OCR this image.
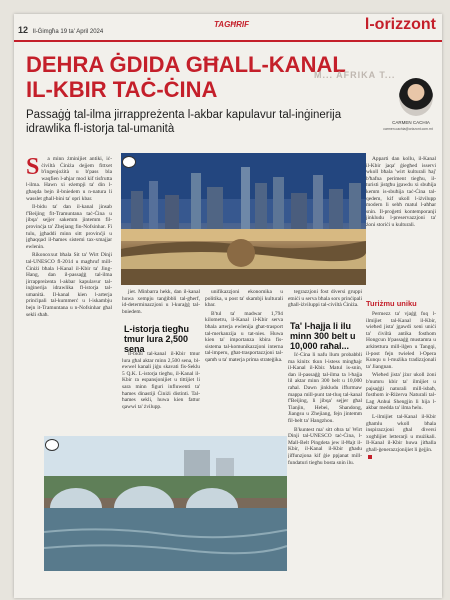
12 Il-Ġimgħa 19 ta' April 2024
TAGĦRIF	l-orizzont
DEHRA ĠDIDA GĦALL-KANAL IL-KBIR TAĊ-ĊINA
M... AFRIKA T...

Passaġġ tal-ilma jirrappreżenta l-akbar kapulavur tal-inġinerija idrawlika fl-istorja tal-umanità

CARMEN CACHIA
carmen.cachia@orizzont.com.mt
S	a minn żminijiet antiki, iċ-ċiviltà Ċiniża dejjem fittxet b'ingenjożità u b'pass bla waqfien l-aħjar mod kif tisfrutta l-ilma. Hawn xi eżempji ta' din l-għaqda bejn il-bniedem u n-natura li wasslet għall-bini ta' opri kbar.

Il-bidu ta' dan il-kanal jinsab f'Beijing fit-Tramuntana taċ-Ċina u jibqa' sejjer sakemm jintemm fil-provinċja ta' Zhejiang fin-Nofsinhar. Fi tulu, jgħaddi minn sitt provinċji u jgħaqqad il-ħames sistemi tax-xmajjar ewlenin.

Rikonoxxut bħala Sit ta' Wirt Dinji tal-UNESCO fl-2014 u magħruf mill-Ċiniżi bħala l-Kanal il-Kbir ta' Jing-Hang, dan il-passaġġ tal-ilma jirrappreżenta l-akbar kapulavur tal-inġinerija idrawlika fl-istorja tal-umanità. Il-kanal kien l-arterja prinċipali tal-kummerċ u l-iskambju bejn it-Tramuntana u n-Nofsinhar għal sekli sħaħ.

jiet. Minbarra hekk, dan il-kanal huwa xempju tanġibbli tal-għerf, id-determinazzjoni u l-kuraġġ tal-bniedem.

L-istorja tiegħu tmur lura 2,500 sena

Il-bidu tal-kanal il-Kbir tmur lura għal aktar minn 2,500 sena, bl-ewwel kanali jiġu skavati fis-Seklu 5 Q.K. L-istorja tiegħu, il-Kanal il-Kbir ra espansjonijiet u tittijiet li sara minn figuri influwenti ta' ħames dinastiji Ċiniżi distinti. Tal-ħames sekli, huwa kien fattur qawwi ta' żvilupp.

unifikazzjoni ekonomika u politika, u post ta' skambji kulturali kbar.

B'tul ta' madwar 1,794 kilometru, il-Kanal il-Kbir serva bħala arterja ewlenija għat-trasport tal-merkanzija u tat-nies. Huwa kien ta' importanza kbira fis-sistema tal-komunikazzjoni interna tal-imperu, għat-trasportazzjoni tal-qamħ u ta' materja prima strateġika.

tegrazzjoni fost diversi gruppi etniċi u serva bħala sors prinċipali għall-iżviluppi tal-civiltà Ċiniża.

Ta' l-hajja li ilu minn 300 belt u 10,000 raħal...

Iċ-Ċina li nafu llum probabbli ma kinitx tkun l-istess mingħajr il-Kanal il-Kbir. Matul is-snin, dan il-passaġġ tal-ilma ta l-ħajja lil aktar minn 300 belt u 10,000 raħal. Dawn jinkludu iffurmaw mappa mill-punt tat-tluq tal-kanal f'Beijing, li jibqa' sejjer għal Tianjin, Hebei, Shandong, Jiangsu u Zhejiang, fejn jintemm fil-belt ta' Hangzhou.

B'kuntest ma' sitt oħra ta' Wirt Dinji tal-UNESCO taċ-Ċina, l-Mall-Belt Pingdeta jew il-Ħajt il-Kbir, il-Kanal il-Kbir għadu jiffunzjona kif ġie ppjanat mill-fundaturi tiegħu bosta snin ilu.

Apparti dan kollu, il-Kanal il-Kbir jaqa' ġiegħed isservi wkoll bħala 'wirt kulturali ħaj' b'ħafna periment tiegħu, il-turisti jistgħu jgawdu xi sbuħija kemm is-sbuħija taċ-Ċina tal-qedem, kif ukoll l-iżvilupp modern li sehħ matul l-aħħar snin. Il-proġetti kontemporanji jinkludu l-preservazzjoni ta' żoni storiċi u kulturali.

Turiżmu uniku

Permezz ta' vjaġġ fuq l-ilmijiet tal-Kanal il-Kbir, wieħed jista' jgawdi xeni uniċi ta' ċiviltà antika fosthom Hongcun b'passaġġ mustamra u arkitettura mill-ilġen u Tangqi, il-post fejn twieled l-Opera Kunqu u l-mużika tradizzjonali ta' Jiangnan.

Wieħed jista' jżur ukoll żoni b'numru kbir ta' ilmijiet u pajsaġġi naturali mill-isbaħ, fosthom ir-Riżerva Naturali tal-Lag Anhui Shengjin li hija l-akbar medda ta' ilma ħelu.

L-ilmijiet tal-Kanal il-Kbir għamlu wkoll bħala inspirazzjoni għal diversi xogħlijiet letterarji u mużikali. Il-Kanal il-Kbir huwa jitħalla għall-ġenerazzjonijiet li ġejjin.
